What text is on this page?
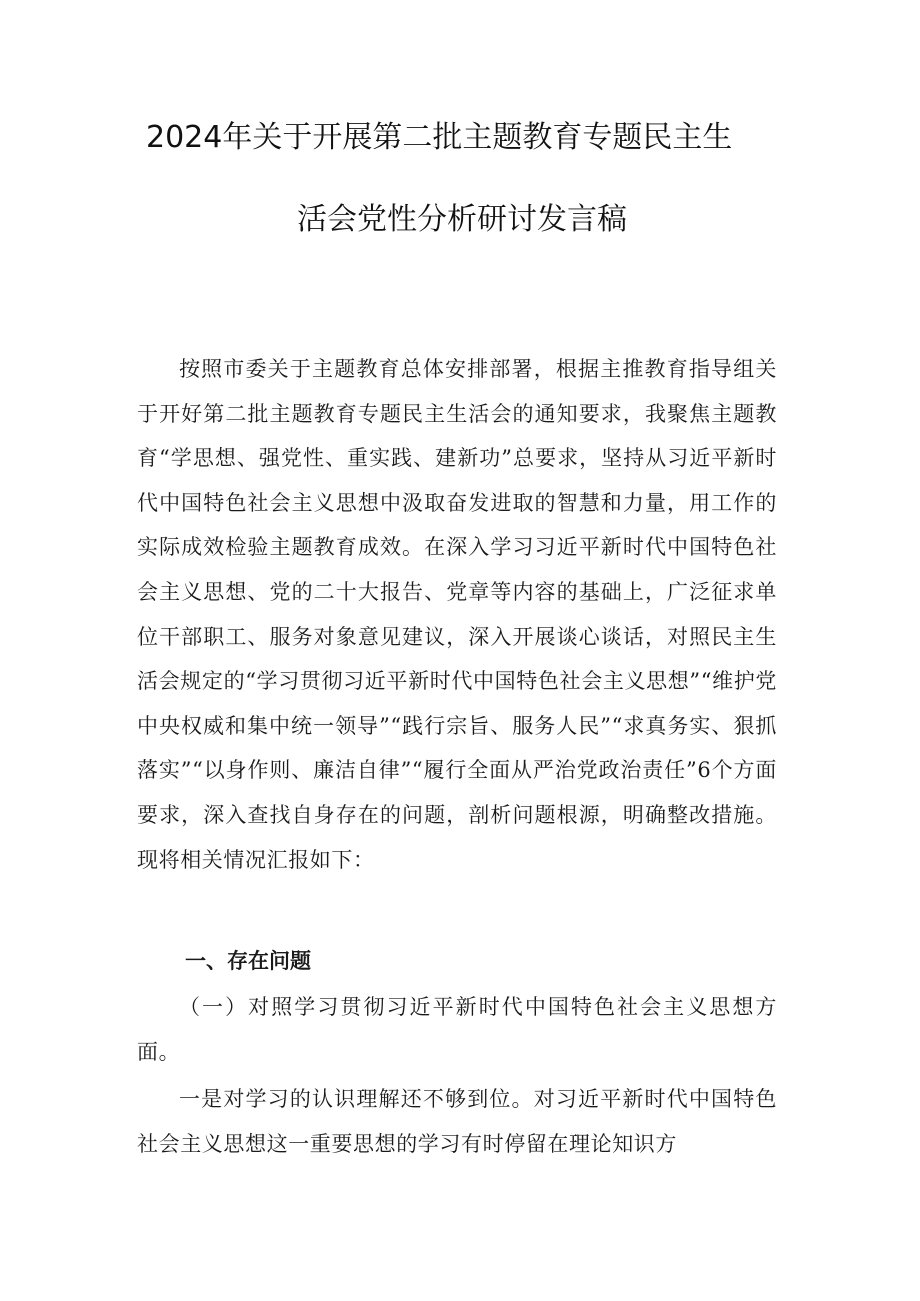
2024年关于开展第二批主题教育专题民主生
活会党性分析研讨发言稿

按照市委关于主题教育总体安排部署，根据主推教育指导组关于开好第二批主题教育专题民主生活会的通知要求，我聚焦主题教育“学思想、强党性、重实践、建新功”总要求，坚持从习近平新时代中国特色社会主义思想中汲取奋发进取的智慧和力量，用工作的实际成效检验主题教育成效。在深入学习习近平新时代中国特色社会主义思想、党的二十大报告、党章等内容的基础上，广泛征求单位干部职工、服务对象意见建议，深入开展谈心谈话，对照民主生活会规定的“学习贯彻习近平新时代中国特色社会主义思想”“维护党中央权威和集中统一领导”“践行宗旨、服务人民”“求真务实、狠抓落实”“以身作则、廉洁自律”“履行全面从严治党政治责任”6个方面要求，深入查找自身存在的问题，剖析问题根源，明确整改措施。现将相关情况汇报如下：

一、存在问题

（一）对照学习贯彻习近平新时代中国特色社会主义思想方面。

一是对学习的认识理解还不够到位。对习近平新时代中国特色社会主义思想这一重要思想的学习有时停留在理论知识方
